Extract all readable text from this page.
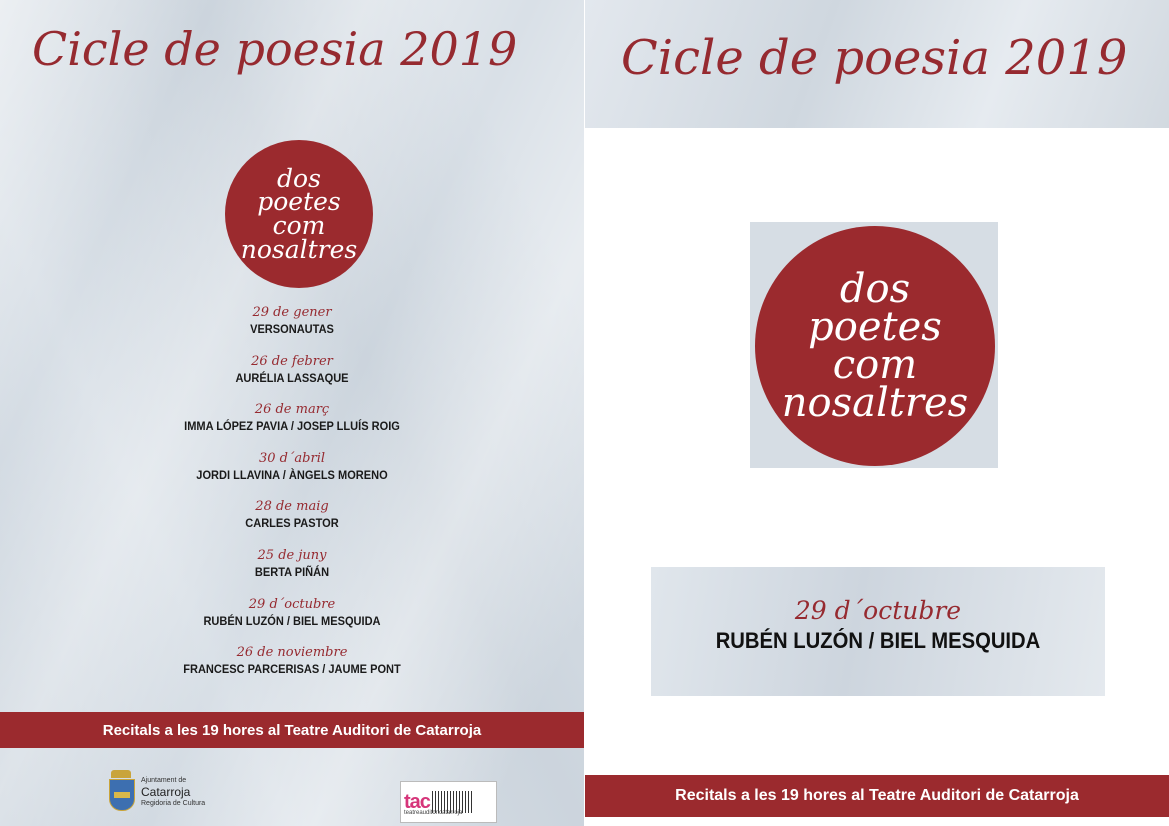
Cicle de poesia 2019
dos
poetes
com
nosaltres
29 de gener
VERSONAUTAS
26 de febrer
AURÉLIA LASSAQUE
26 de març
IMMA LÓPEZ PAVIA / JOSEP LLUÍS ROIG
30 d´abril
JORDI LLAVINA / ÀNGELS MORENO
28 de maig
CARLES PASTOR
25 de juny
BERTA PIÑÁN
29 d´octubre
RUBÉN LUZÓN / BIEL MESQUIDA
26 de noviembre
FRANCESC PARCERISAS / JAUME PONT
Recitals a les 19 hores al Teatre Auditori de Catarroja
Ajuntament de
Catarroja
Regidoria de Cultura	tac
teatreauditoricatarroja
Cicle de poesia 2019
dos
poetes
com
nosaltres
29 d´octubre
RUBÉN LUZÓN / BIEL MESQUIDA
Recitals a les 19 hores al Teatre Auditori de Catarroja
